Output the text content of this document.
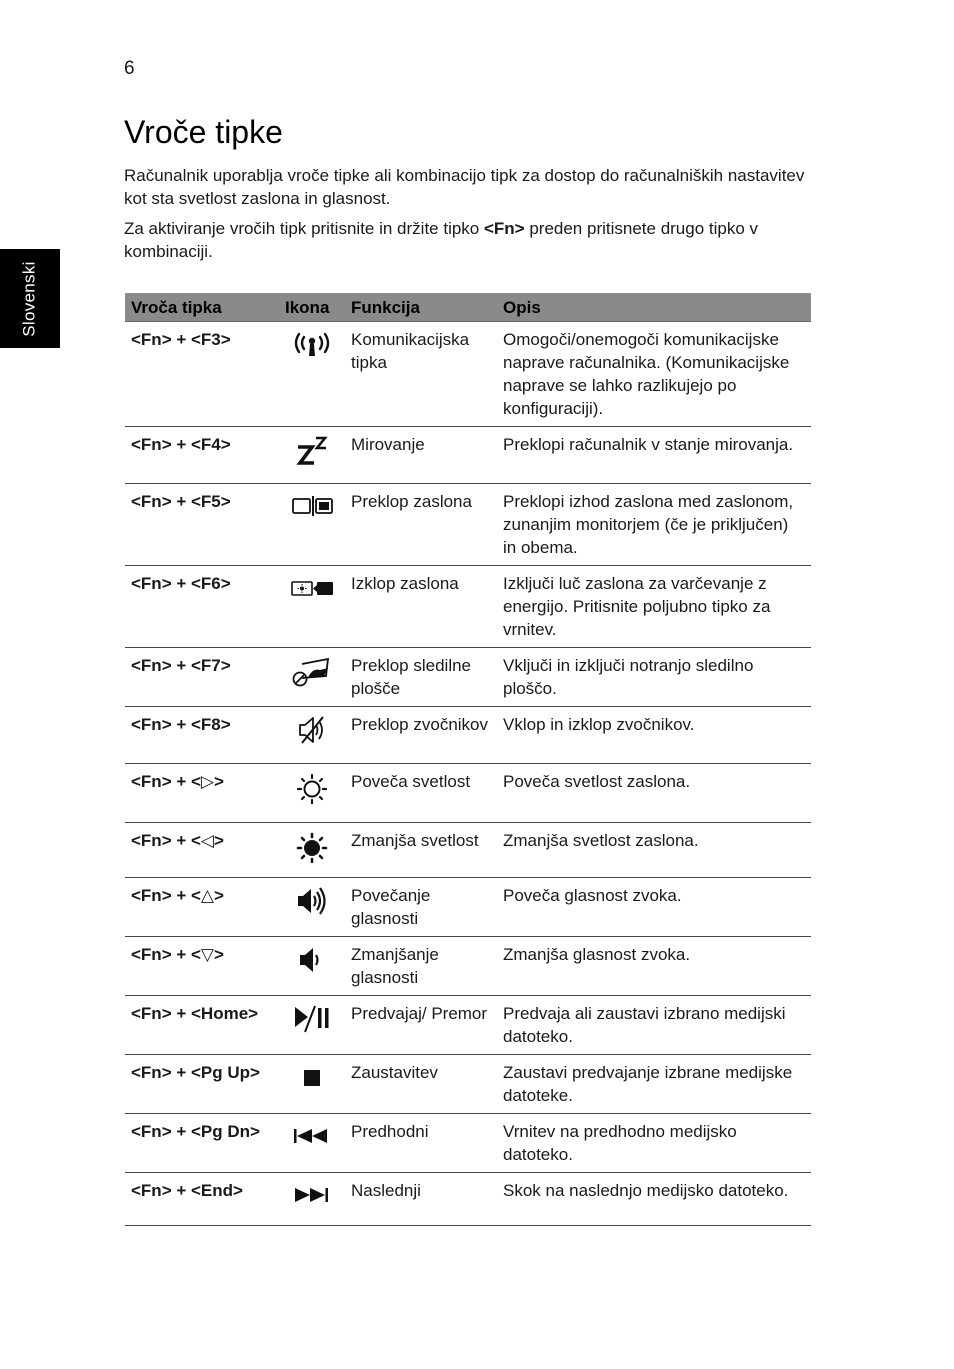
6
Slovenski
Vroče tipke

Računalnik uporablja vroče tipke ali kombinacijo tipk za dostop do računalniških nastavitev kot sta svetlost zaslona in glasnost.

Za aktiviranje vročih tipk pritisnite in držite tipko <Fn> preden pritisnete drugo tipko v kombinaciji.

Vroča tipka	Ikona	Funkcija	Opis
<Fn> + <F3>		Komunikacijska tipka	Omogoči/onemogoči komunikacijske naprave računalnika. (Komunikacijske naprave se lahko razlikujejo po konfiguraciji).
<Fn> + <F4>		Mirovanje	Preklopi računalnik v stanje mirovanja.
<Fn> + <F5>		Preklop zaslona	Preklopi izhod zaslona med zaslonom, zunanjim monitorjem (če je priključen) in obema.
<Fn> + <F6>		Izklop zaslona	Izključi luč zaslona za varčevanje z energijo. Pritisnite poljubno tipko za vrnitev.
<Fn> + <F7>		Preklop sledilne plošče	Vključi in izključi notranjo sledilno ploščo.
<Fn> + <F8>		Preklop zvočnikov	Vklop in izklop zvočnikov.
<Fn> + <▷>		Poveča svetlost	Poveča svetlost zaslona.
<Fn> + <◁>		Zmanjša svetlost	Zmanjša svetlost zaslona.
<Fn> + <△>		Povečanje glasnosti	Poveča glasnost zvoka.
<Fn> + <▽>		Zmanjšanje glasnosti	Zmanjša glasnost zvoka.
<Fn> + <Home>		Predvajaj/ Premor	Predvaja ali zaustavi izbrano medijski datoteko.
<Fn> + <Pg Up>		Zaustavitev	Zaustavi predvajanje izbrane medijske datoteke.
<Fn> + <Pg Dn>		Predhodni	Vrnitev na predhodno medijsko datoteko.
<Fn> + <End>		Naslednji	Skok na naslednjo medijsko datoteko.
